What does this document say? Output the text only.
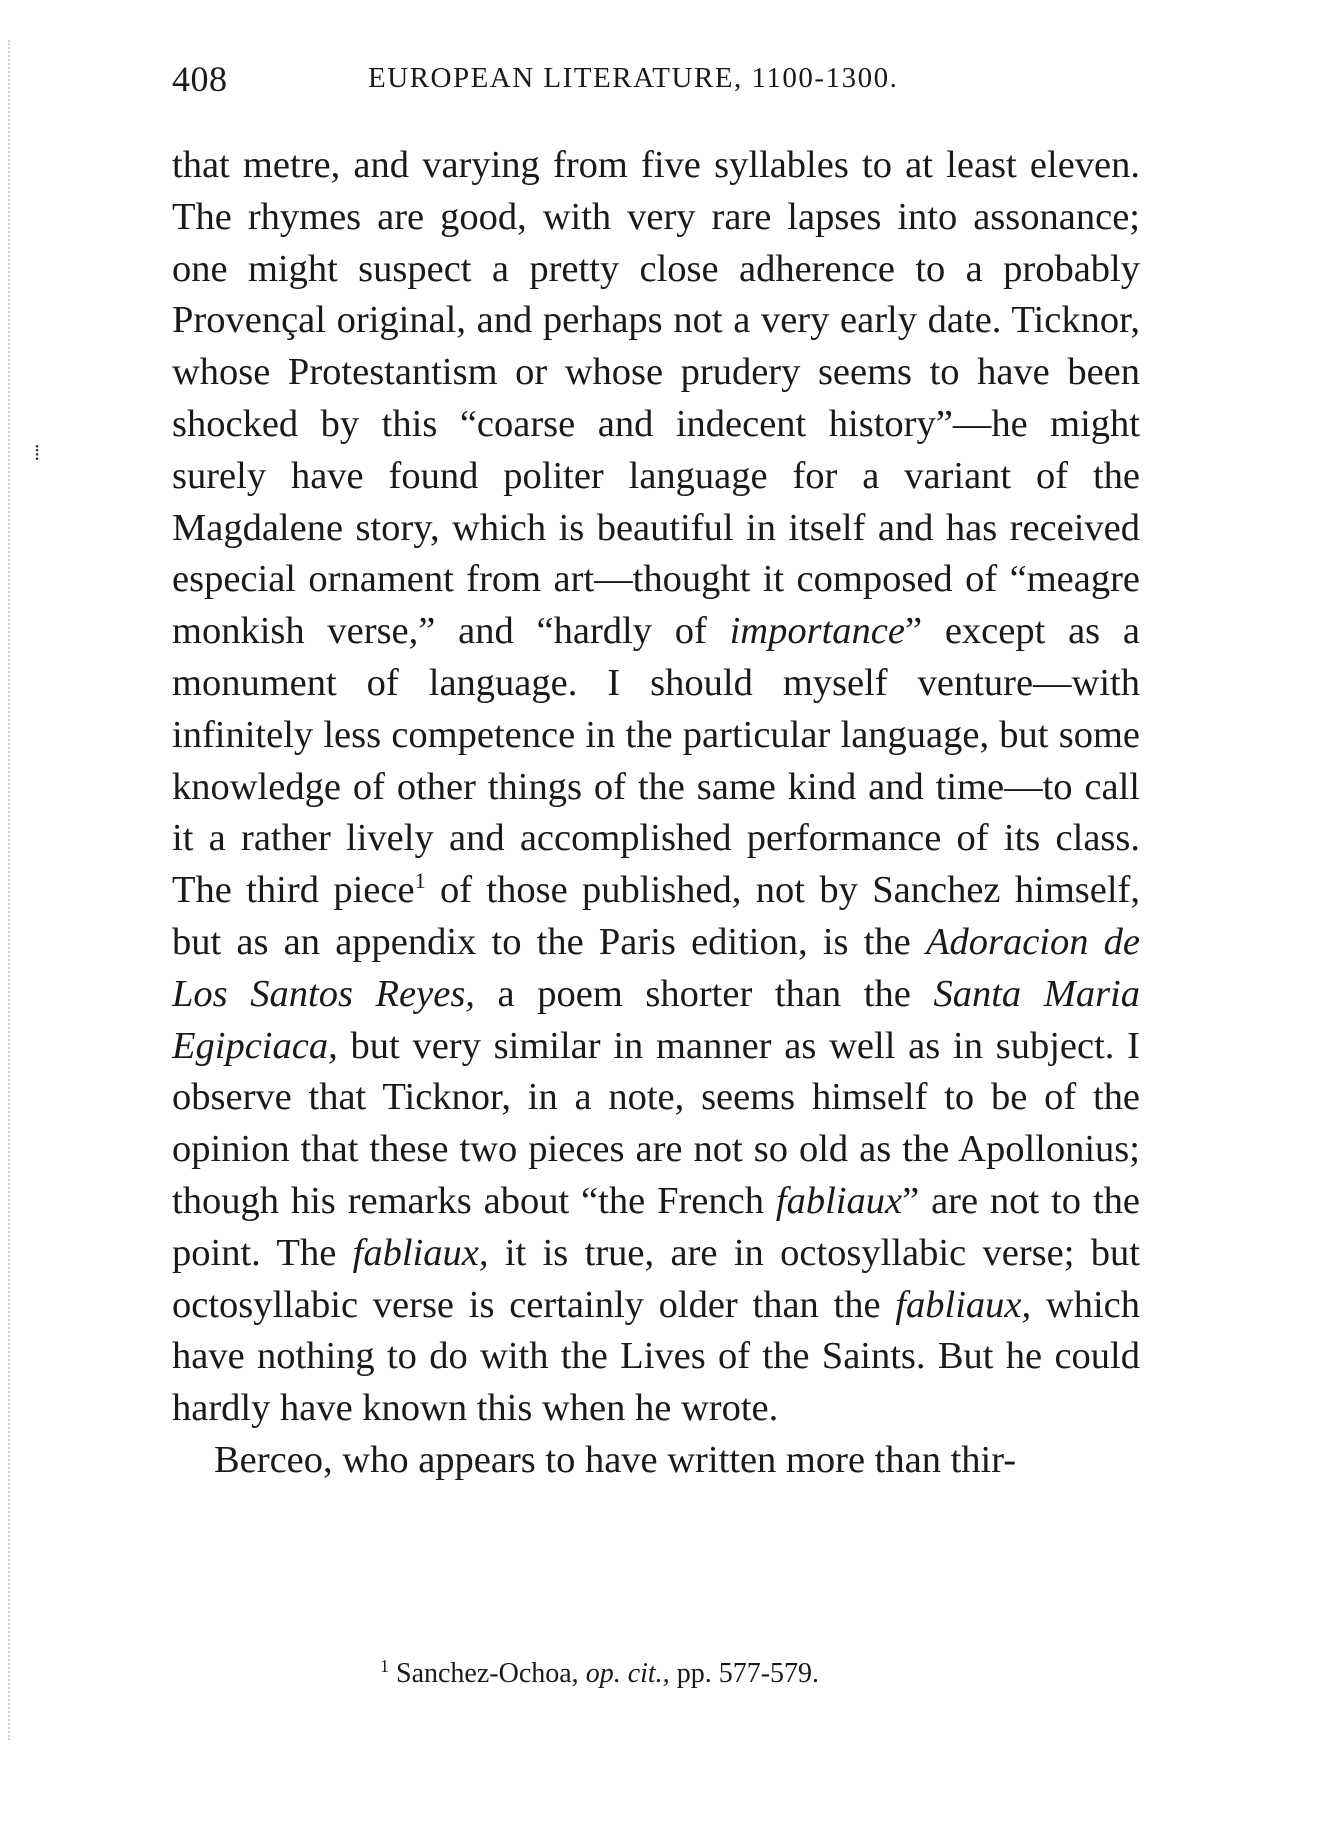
⁞
408	EUROPEAN LITERATURE, 1100-1300.

that metre, and varying from five syllables to at least eleven. The rhymes are good, with very rare lapses into assonance; one might suspect a pretty close adherence to a probably Provençal original, and perhaps not a very early date. Ticknor, whose Protestantism or whose prudery seems to have been shocked by this “coarse and indecent history”—he might surely have found politer language for a variant of the Magdalene story, which is beautiful in itself and has received especial ornament from art—thought it composed of “meagre monkish verse,” and “hardly of importance” except as a monument of language. I should myself venture—with infinitely less competence in the particular language, but some knowledge of other things of the same kind and time—to call it a rather lively and accomplished performance of its class. The third piece$^1$ of those published, not by Sanchez himself, but as an appendix to the Paris edition, is the Adoracion de Los Santos Reyes, a poem shorter than the Santa Maria Egipciaca, but very similar in manner as well as in subject. I observe that Ticknor, in a note, seems himself to be of the opinion that these two pieces are not so old as the Apollonius; though his remarks about “the French fabliaux” are not to the point. The fabliaux, it is true, are in octosyllabic verse; but octosyllabic verse is certainly older than the fabliaux, which have nothing to do with the Lives of the Saints. But he could hardly have known this when he wrote.

Berceo, who appears to have written more than thir-

$^1$ Sanchez-Ochoa, op. cit., pp. 577-579.
